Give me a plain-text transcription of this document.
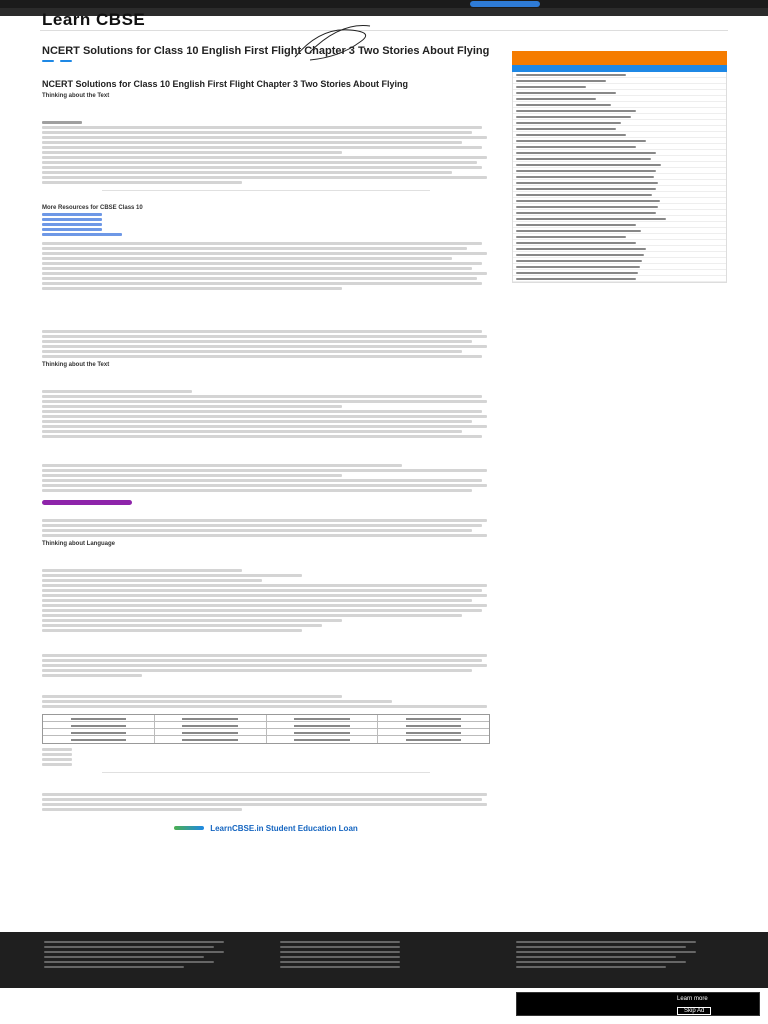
Learn CBSE
NCERT Solutions for Class 10 English First Flight Chapter 3 Two Stories About Flying
NCERT Solutions for Class 10 English First Flight Chapter 3 Two Stories About Flying
Thinking about the Text
More Resources for CBSE Class 10
Thinking about the Text
Thinking about Language
LearnCBSE.in Student Education Loan
Learn more
Skip Ad
